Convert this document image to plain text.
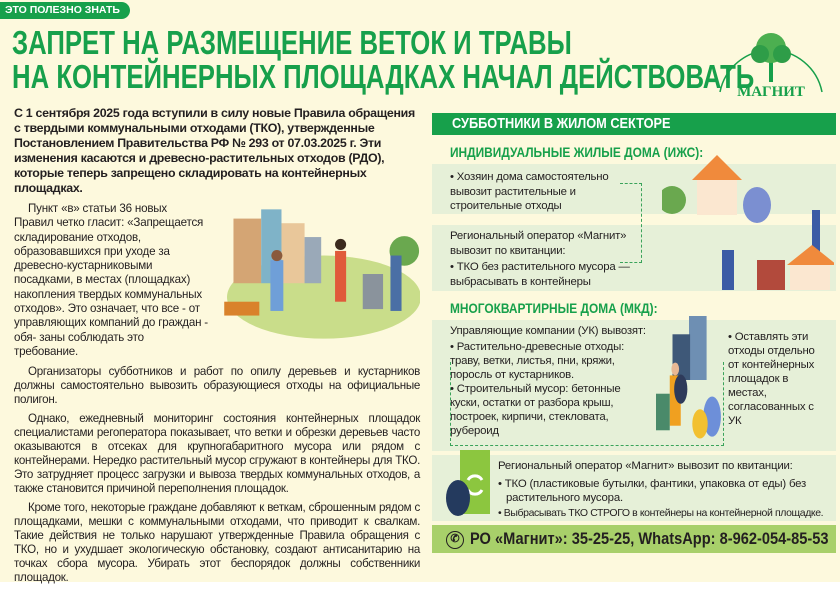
ЭТО ПОЛЕЗНО ЗНАТЬ
ЗАПРЕТ НА РАЗМЕЩЕНИЕ ВЕТОК И ТРАВЫ
НА КОНТЕЙНЕРНЫХ ПЛОЩАДКАХ НАЧАЛ ДЕЙСТВОВАТЬ
МАГНИТ
С 1 сентября 2025 года вступили в силу новые Правила обращения с твердыми коммунальными отходами (ТКО), утвержденные Постановлением Правительства РФ № 293 от 07.03.2025 г. Эти изменения касаются и древесно-растительных отходов (РДО), которые теперь запрещено складировать на контейнерных площадках.
Пункт «в» статьи 36 новых Правил четко гласит: «Запрещается складирование отходов, образовавшихся при уходе за древесно-кустарниковыми посадками, в местах (площадках) накопления твердых коммунальных отходов». Это означает, что все - от управляющих компаний до граждан - обя- заны соблюдать это требование.

Организаторы субботников и работ по опилу деревьев и кустарников должны самостоятельно вывозить образующиеся отходы на официальные полигон.

Однако, ежедневный мониторинг состояния контейнерных площадок специалистами регоператора показывает, что ветки и обрезки деревьев часто оказываются в отсеках для крупногабаритного мусора или рядом с контейнерами. Нередко растительный мусор сгружают в контейнеры для ТКО. Это затрудняет процесс загрузки и вывоза твердых коммунальных отходов, а также становится причиной переполнения площадок.

Кроме того, некоторые граждане добавляют к веткам, сброшенным рядом с площадками, мешки с коммунальными отходами, что приводит к свалкам. Такие действия не только нарушают утвержденные Правила обращения с ТКО, но и ухудшает экологическую обстановку, создают антисанитарию на точках сбора мусора. Убирать этот беспорядок должны собственники площадок.

СУББОТНИКИ В ЖИЛОМ СЕКТОРЕ
ИНДИВИДУАЛЬНЫЕ ЖИЛЫЕ ДОМА (ИЖС):
• Хозяин дома самостоятельно вывозит растительные и строительные отходы
Региональный оператор «Магнит» вывозит по квитанции:
• ТКО без растительного мусора — выбрасывать в контейнеры
МНОГОКВАРТИРНЫЕ ДОМА (МКД):
Управляющие компании (УК) вывозят:
• Растительно-древесные отходы: траву, ветки, листья, пни, кряжи, поросль от кустарников.
• Строительный мусор: бетонные куски, остатки от разбора крыш, построек, кирпичи, стекловата, рубероид
• Оставлять эти отходы отдельно от контейнерных площадок в местах, согласованных с УК
Региональный оператор «Магнит» вывозит по квитанции:
• ТКО (пластиковые бутылки, фантики, упаковка от еды) без растительного мусора.
• Выбрасывать ТКО СТРОГО в контейнеры на контейнерной площадке.
✆ РО «Магнит»: 35-25-25, WhatsApp: 8-962-054-85-53
